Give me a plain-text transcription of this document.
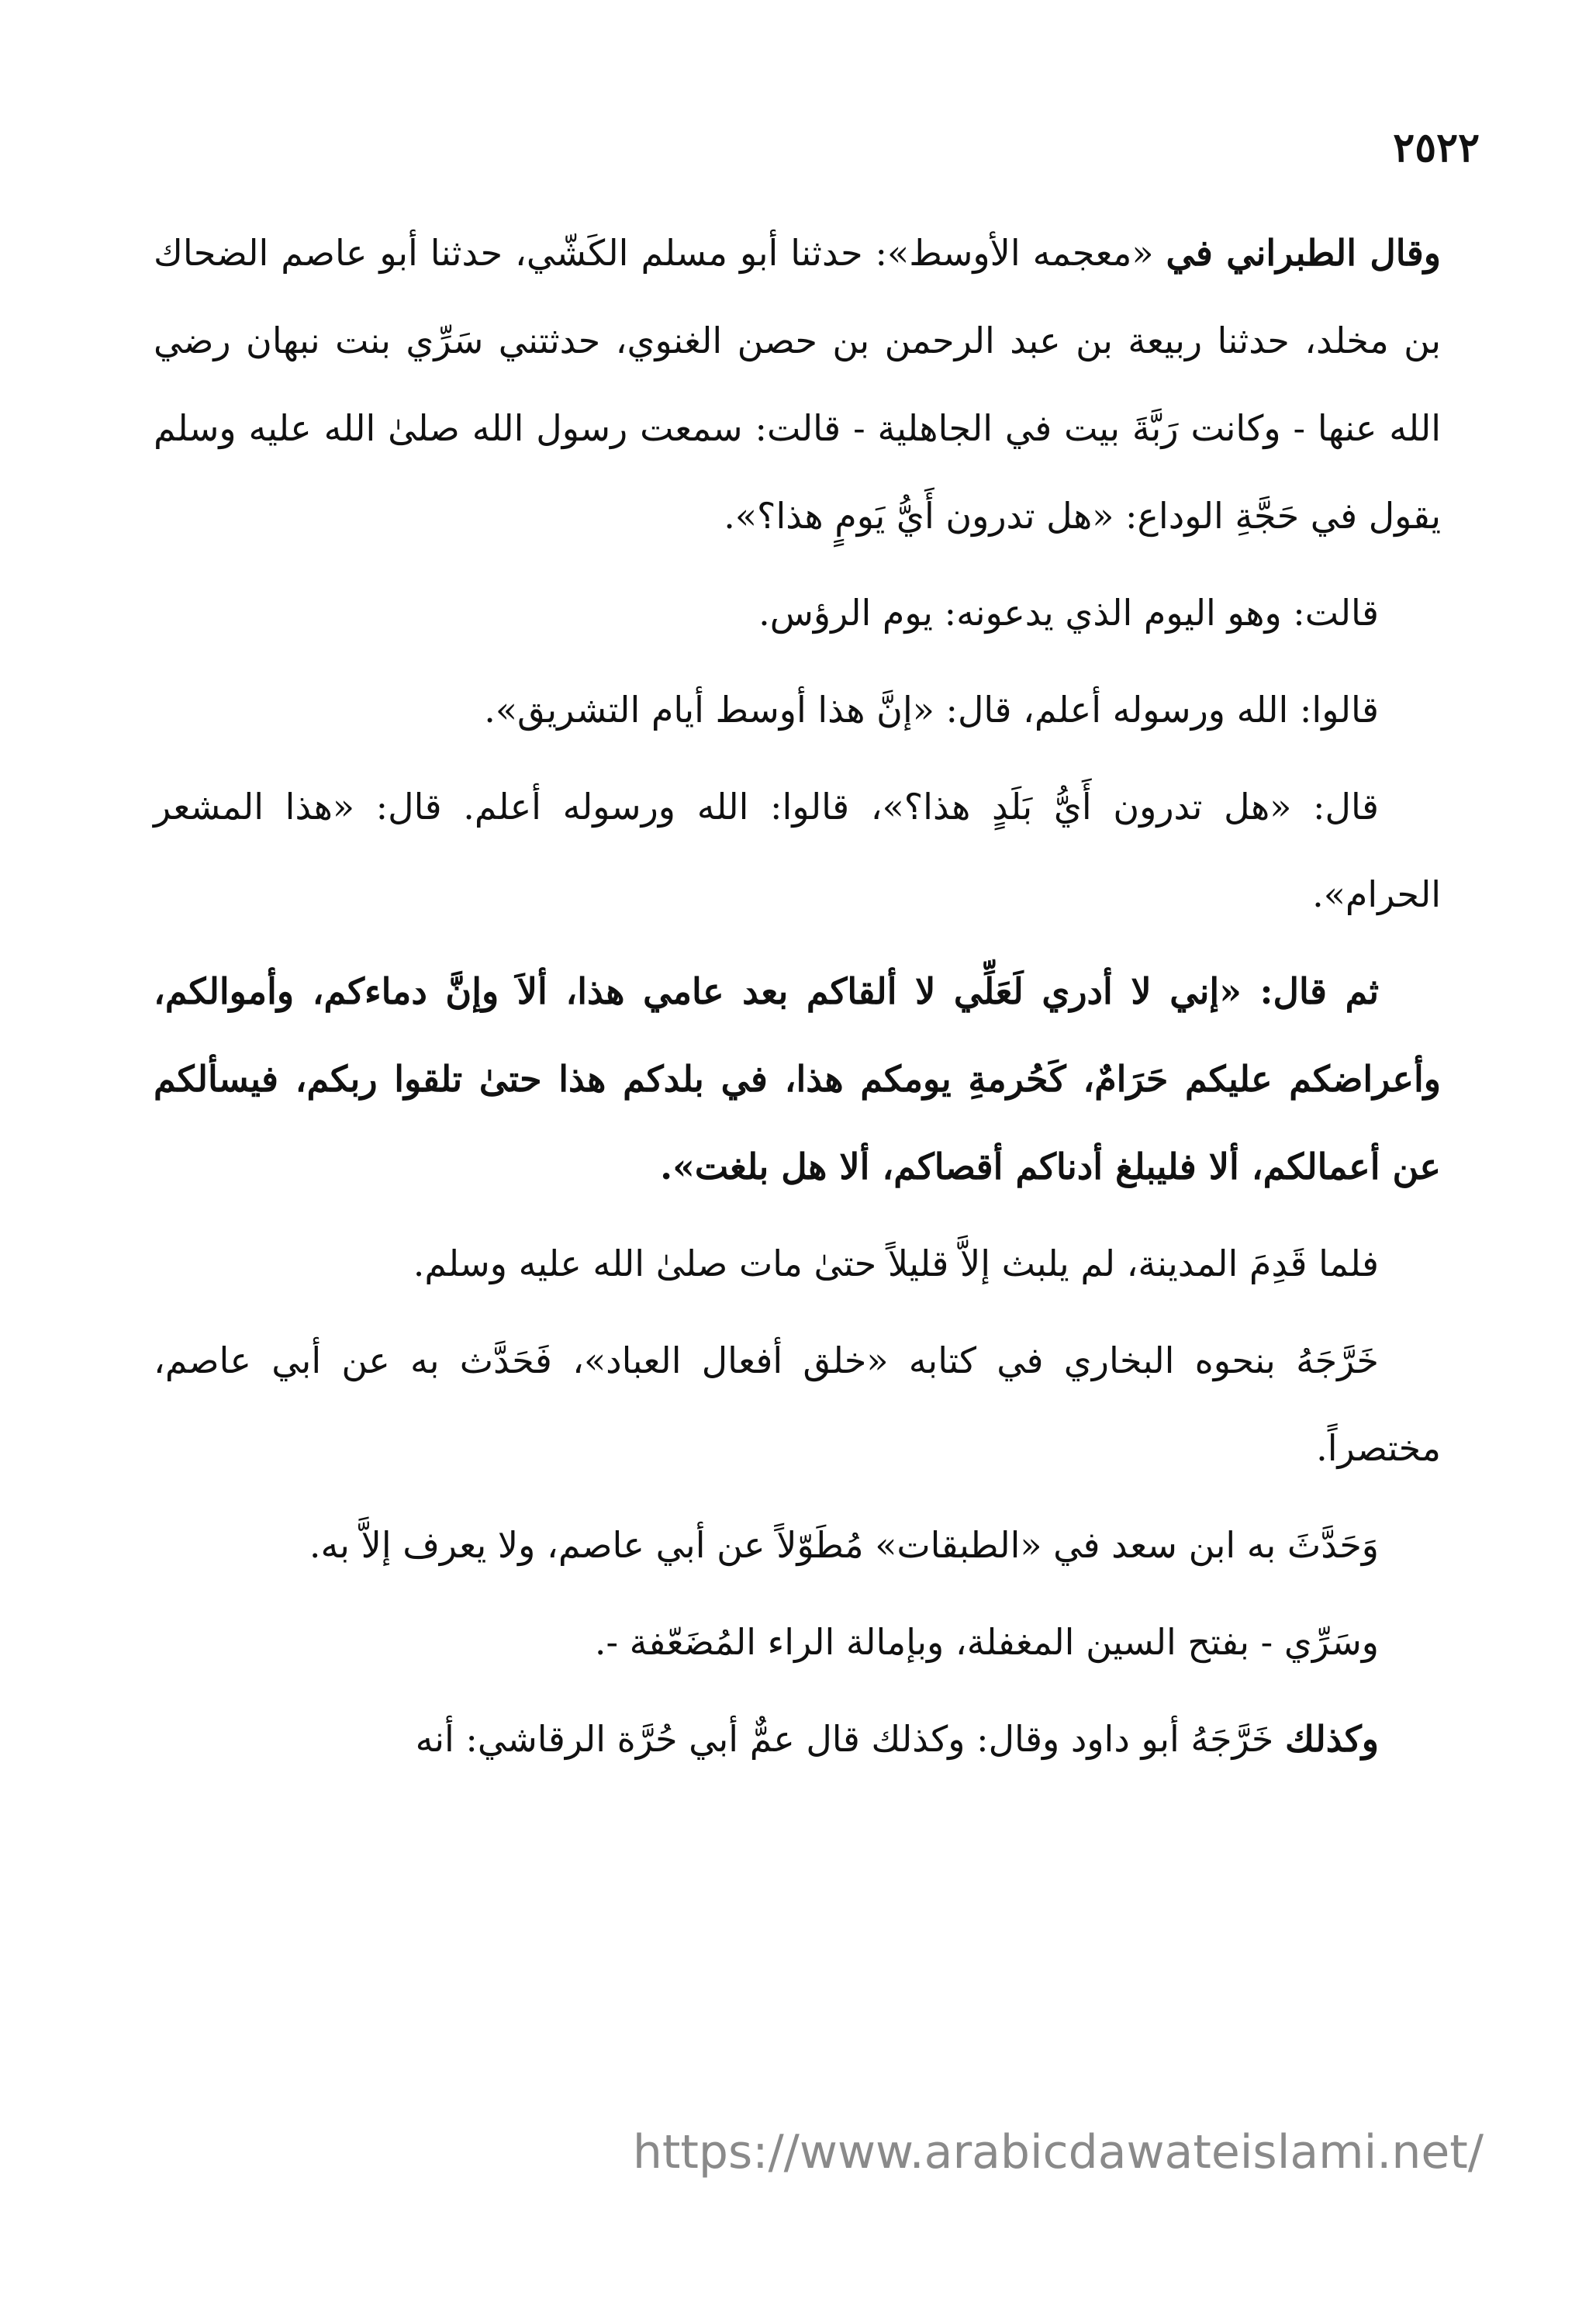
٢٥٢٢

وقال الطبراني في «معجمه الأوسط»: حدثنا أبو مسلم الكَشّي، حدثنا أبو عاصم الضحاك بن مخلد، حدثنا ربيعة بن عبد الرحمن بن حصن الغنوي، حدثتني سَرِّي بنت نبهان رضي الله عنها - وكانت رَبَّةَ بيت في الجاهلية - قالت: سمعت رسول الله صلىٰ الله عليه وسلم يقول في حَجَّةِ الوداع: «هل تدرون أَيُّ يَومٍ هذا؟».

قالت: وهو اليوم الذي يدعونه: يوم الرؤس.

قالوا: الله ورسوله أعلم، قال: «إنَّ هذا أوسط أيام التشريق».

قال: «هل تدرون أَيُّ بَلَدٍ هذا؟»، قالوا: الله ورسوله أعلم. قال: «هذا المشعر الحرام».

ثم قال: «إني لا أدري لَعَلِّي لا ألقاكم بعد عامي هذا، ألاَ وإنَّ دماءكم، وأموالكم، وأعراضكم عليكم حَرَامٌ، كَحُرمةِ يومكم هذا، في بلدكم هذا حتىٰ تلقوا ربكم، فيسألكم عن أعمالكم، ألا فليبلغ أدناكم أقصاكم، ألا هل بلغت».

فلما قَدِمَ المدينة، لم يلبث إلاَّ قليلاً حتىٰ مات صلىٰ الله عليه وسلم.

خَرَّجَهُ بنحوه البخاري في كتابه «خلق أفعال العباد»، فَحَدَّث به عن أبي عاصم، مختصراً.

وَحَدَّثَ به ابن سعد في «الطبقات» مُطَوّلاً عن أبي عاصم، ولا يعرف إلاَّ به.

وسَرِّي - بفتح السين المغفلة، وبإمالة الراء المُضَعّفة -.

وكذلك خَرَّجَهُ أبو داود وقال: وكذلك قال عمٌّ أبي حُرَّة الرقاشي: أنه

https://www.arabicdawateislami.net/
